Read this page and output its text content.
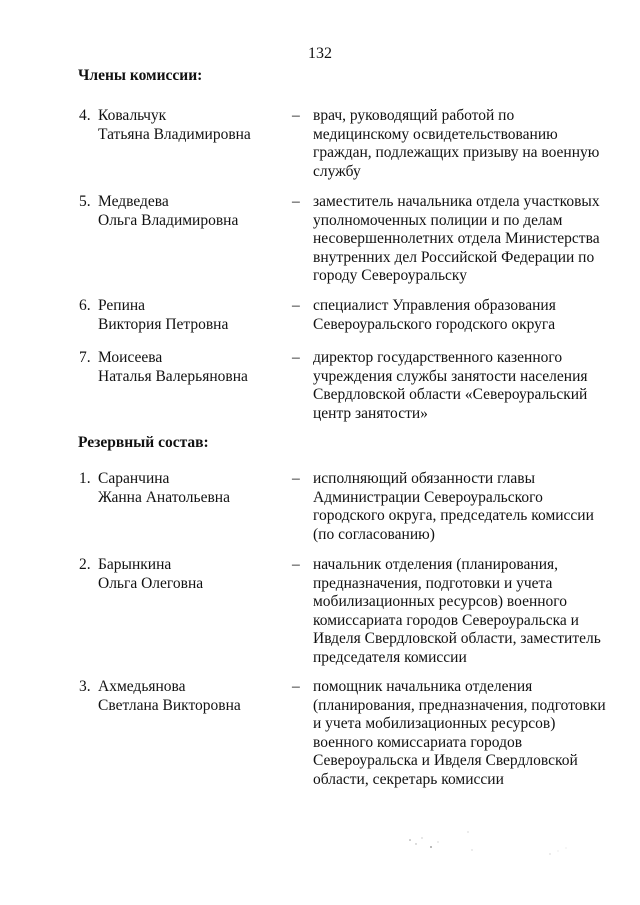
132
Члены комиссии:
4. Ковальчук
Татьяна Владимировна
– врач, руководящий работой по
медицинскому освидетельствованию
граждан, подлежащих призыву на военную
службу
5. Медведева
Ольга Владимировна
– заместитель начальника отдела участковых
уполномоченных полиции и по делам
несовершеннолетних отдела Министерства
внутренних дел Российской Федерации по
городу Североуральску
6. Репина
Виктория Петровна
– специалист Управления образования
Североуральского городского округа
7. Моисеева
Наталья Валерьяновна
– директор государственного казенного
учреждения службы занятости населения
Свердловской области «Североуральский
центр занятости»
Резервный состав:
1. Саранчина
Жанна Анатольевна
– исполняющий обязанности главы
Администрации Североуральского
городского округа, председатель комиссии
(по согласованию)
2. Барынкина
Ольга Олеговна
– начальник отделения (планирования,
предназначения, подготовки и учета
мобилизационных ресурсов) военного
комиссариата городов Североуральска и
Ивделя Свердловской области, заместитель
председателя комиссии
3. Ахмедьянова
Светлана Викторовна
– помощник начальника отделения
(планирования, предназначения, подготовки
и учета мобилизационных ресурсов)
военного комиссариата городов
Североуральска и Ивделя Свердловской
области, секретарь комиссии
